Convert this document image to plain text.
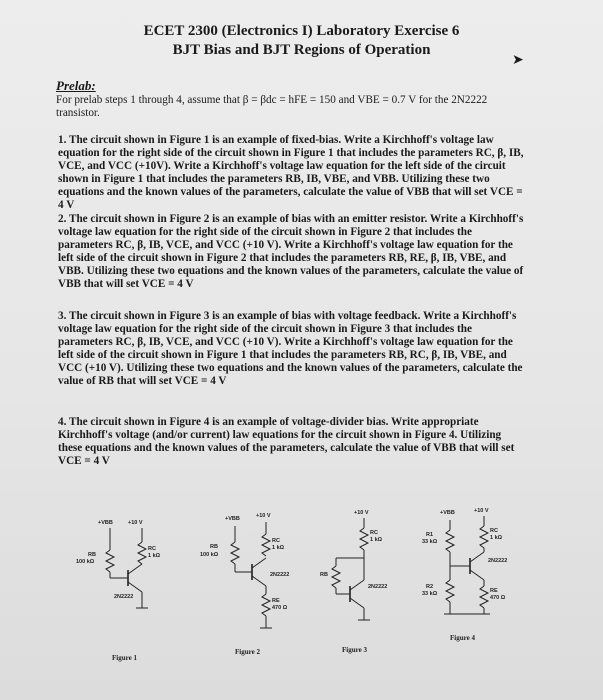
ECET 2300 (Electronics I) Laboratory Exercise 6
BJT Bias and BJT Regions of Operation
➤
Prelab:
For prelab steps 1 through 4, assume that β = βdc = hFE = 150 and VBE = 0.7 V for the 2N2222 transistor.
1. The circuit shown in Figure 1 is an example of fixed-bias. Write a Kirchhoff's voltage law equation for the right side of the circuit shown in Figure 1 that includes the parameters RC, β, IB, VCE, and VCC (+10V). Write a Kirchhoff's voltage law equation for the left side of the circuit shown in Figure 1 that includes the parameters RB, IB, VBE, and VBB. Utilizing these two equations and the known values of the parameters, calculate the value of VBB that will set VCE = 4 V
2. The circuit shown in Figure 2 is an example of bias with an emitter resistor. Write a Kirchhoff's voltage law equation for the right side of the circuit shown in Figure 2 that includes the parameters RC, β, IB, VCE, and VCC (+10 V). Write a Kirchhoff's voltage law equation for the left side of the circuit shown in Figure 2 that includes the parameters RB, RE, β, IB, VBE, and VBB. Utilizing these two equations and the known values of the parameters, calculate the value of VBB that will set VCE = 4 V
3. The circuit shown in Figure 3 is an example of bias with voltage feedback. Write a Kirchhoff's voltage law equation for the right side of the circuit shown in Figure 3 that includes the parameters RC, β, IB, VCE, and VCC (+10 V). Write a Kirchhoff's voltage law equation for the left side of the circuit shown in Figure 1 that includes the parameters RB, RC, β, IB, VBE, and VCC (+10 V). Utilizing these two equations and the known values of the parameters, calculate the value of RB that will set VCE = 4 V
4. The circuit shown in Figure 4 is an example of voltage-divider bias. Write appropriate Kirchhoff's voltage (and/or current) law equations for the circuit shown in Figure 4. Utilizing these equations and the known values of the parameters, calculate the value of VBB that will set VCE = 4 V
+VBB	+10 V
RB
100 kΩ
RC
1 kΩ
2N2222
Figure 1
+VBB	+10 V
RB
100 kΩ
RC
1 kΩ
2N2222
RE
470 Ω
Figure 2
+10 V
RC
1 kΩ
RB
2N2222
Figure 3
+VBB	+10 V
R1
33 kΩ
RC
1 kΩ
2N2222
R2
33 kΩ	RE
470 Ω
Figure 4
